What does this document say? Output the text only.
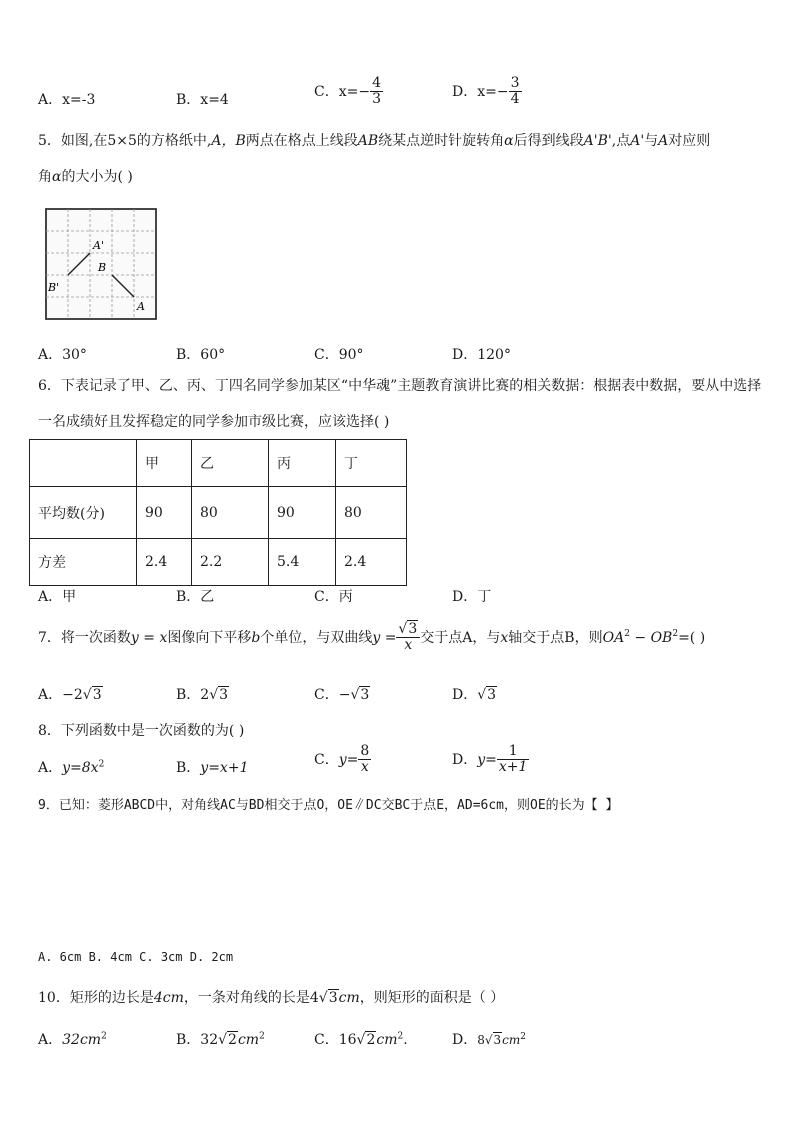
A．x=-3	B．x=4
C．$x=- \frac{4}{3}$	D．$x=- \frac{3}{4}$
5．如图,在5×5的方格纸中,A，B两点在格点上线段AB绕某点逆时针旋转角α后得到线段A'B',点A'与A对应则
角α的大小为( )
A'
B
B'
A
A．30°	B．60°	C．90°	D．120°
6．下表记录了甲、乙、丙、丁四名同学参加某区“中华魂”主题教育演讲比赛的相关数据：根据表中数据，要从中选择
一名成绩好且发挥稳定的同学参加市级比赛，应该选择( )
	甲	乙	丙	丁
平均数(分)	90	80	90	80
方差	2.4	2.2	5.4	2.4
A．甲	B．乙	C．丙	D．丁
7．将一次函数y = x图像向下平移b个单位，与双曲线$y = \frac{√3}{x}$ 交于点A，与x轴交于点B，则$OA^2 - OB^2=$( )
A．−2√3	B．2√3	C．−√3	D．√3
8．下列函数中是一次函数的为( )
A．$y=8x^2$	B．y=x+1
C．$y= \frac{8}{x}$	D．$y= \frac{1}{x+1}$
9．已知：菱形ABCD中，对角线AC与BD相交于点O，OE∥DC交BC于点E，AD=6cm，则OE的长为【 】
A. 6cm B. 4cm C. 3cm D. 2cm
10．矩形的边长是4cm，一条对角线的长是4√3cm，则矩形的面积是（ ）
A．$32cm^2$	B．$32√2cm^2$	C．$16√2cm^2$.	D．$8√3cm^2$
